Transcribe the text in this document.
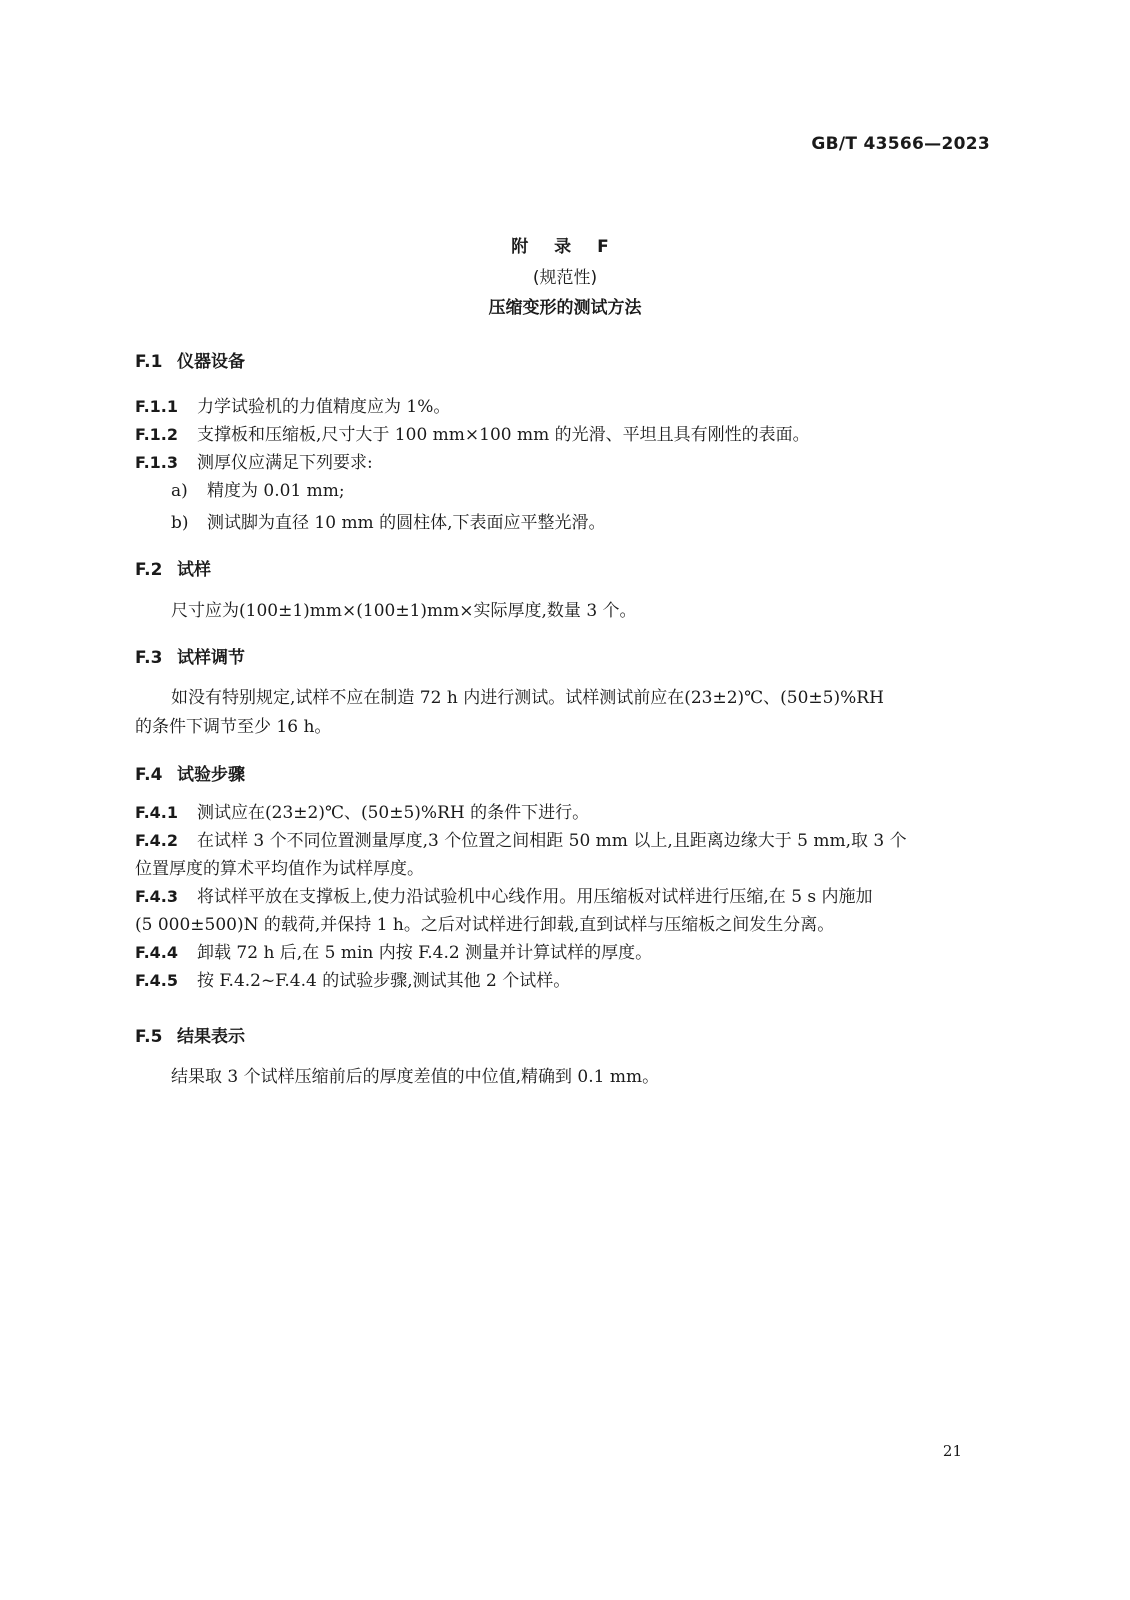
GB/T 43566—2023
附 录 F
(规范性)
压缩变形的测试方法
F.1 仪器设备
F.1.1 力学试验机的力值精度应为 1%。
F.1.2 支撑板和压缩板,尺寸大于 100 mm×100 mm 的光滑、平坦且具有刚性的表面。
F.1.3 测厚仪应满足下列要求:
a) 精度为 0.01 mm;
b) 测试脚为直径 10 mm 的圆柱体,下表面应平整光滑。
F.2 试样
尺寸应为(100±1)mm×(100±1)mm×实际厚度,数量 3 个。
F.3 试样调节
如没有特别规定,试样不应在制造 72 h 内进行测试。试样测试前应在(23±2)℃、(50±5)%RH
的条件下调节至少 16 h。
F.4 试验步骤
F.4.1 测试应在(23±2)℃、(50±5)%RH 的条件下进行。
F.4.2 在试样 3 个不同位置测量厚度,3 个位置之间相距 50 mm 以上,且距离边缘大于 5 mm,取 3 个
位置厚度的算术平均值作为试样厚度。
F.4.3 将试样平放在支撑板上,使力沿试验机中心线作用。用压缩板对试样进行压缩,在 5 s 内施加
(5 000±500)N 的载荷,并保持 1 h。之后对试样进行卸载,直到试样与压缩板之间发生分离。
F.4.4 卸载 72 h 后,在 5 min 内按 F.4.2 测量并计算试样的厚度。
F.4.5 按 F.4.2~F.4.4 的试验步骤,测试其他 2 个试样。
F.5 结果表示
结果取 3 个试样压缩前后的厚度差值的中位值,精确到 0.1 mm。
21
